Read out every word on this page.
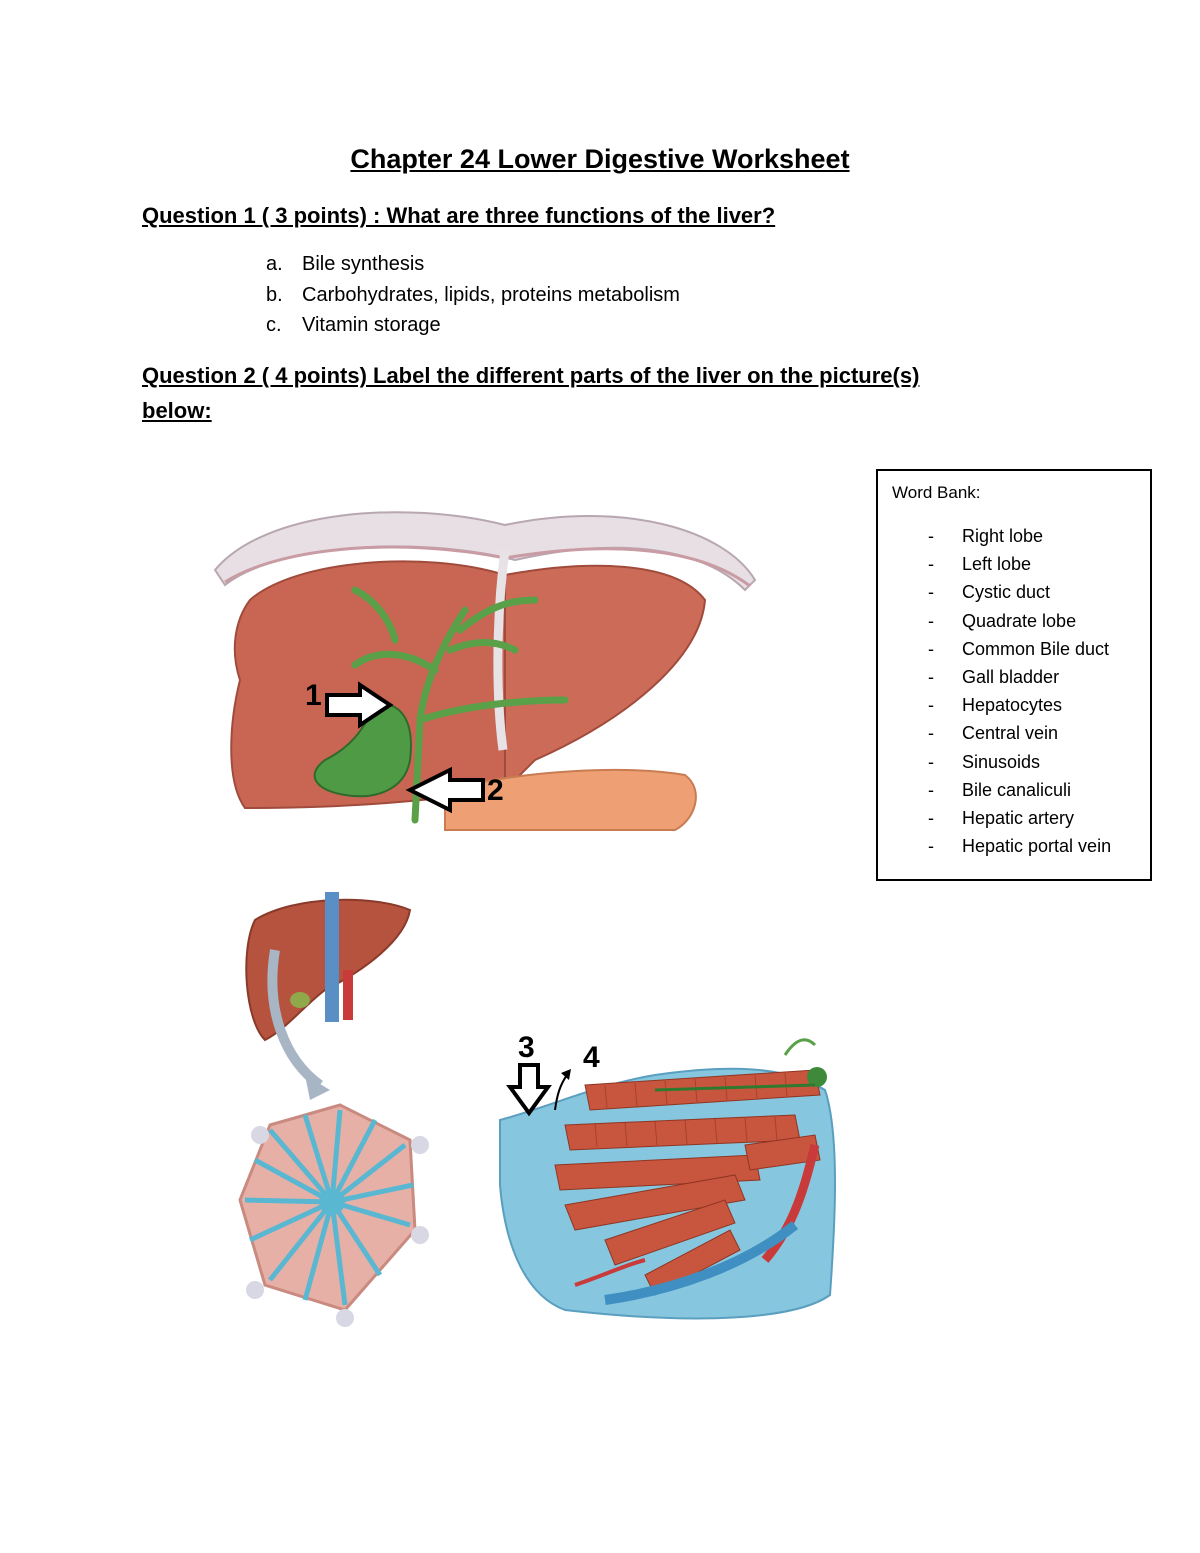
Chapter 24 Lower Digestive Worksheet

Question 1 ( 3 points) : What are three functions of the liver?

a. Bile synthesis
b. Carbohydrates, lipids, proteins metabolism
c. Vitamin storage

Question 2 ( 4 points) Label the different parts of the liver on the picture(s)

below:

1
2
Word Bank:
- Right lobe
- Left lobe
- Cystic duct
- Quadrate lobe
- Common Bile duct
- Gall bladder
- Hepatocytes
- Central vein
- Sinusoids
- Bile canaliculi
- Hepatic artery
- Hepatic portal vein
3 4
